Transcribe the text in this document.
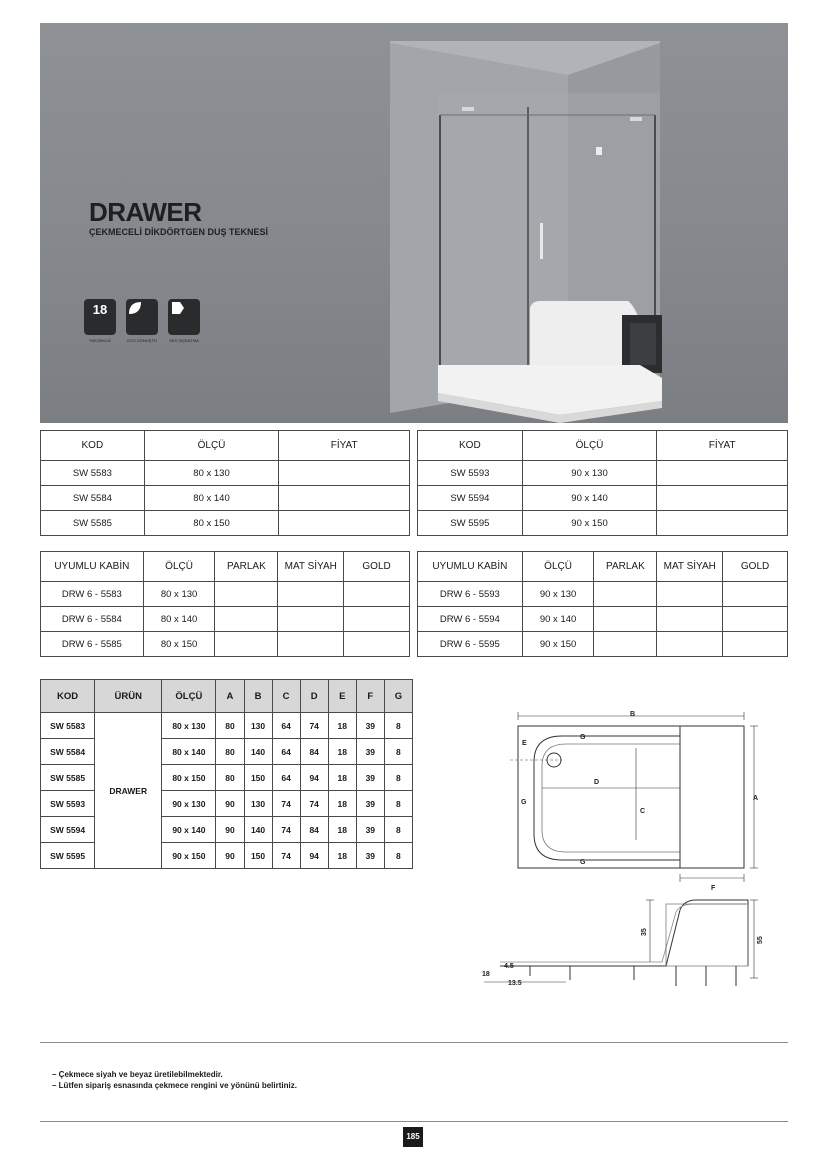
DRAWER
ÇEKMECELİ DİKDÖRTGEN DUŞ TEKNESİ
18
YÜKSEKLİK	ECO DÖNÜŞTÜ	SES SIÇRATMA
KOD	ÖLÇÜ	FİYAT
SW 5583	80 x 130	
SW 5584	80 x 140	
SW 5585	80 x 150	
KOD	ÖLÇÜ	FİYAT
SW 5593	90 x 130	
SW 5594	90 x 140	
SW 5595	90 x 150	
UYUMLU KABİN	ÖLÇÜ	PARLAK	MAT SİYAH	GOLD
DRW 6 - 5583	80 x 130			
DRW 6 - 5584	80 x 140			
DRW 6 - 5585	80 x 150			
UYUMLU KABİN	ÖLÇÜ	PARLAK	MAT SİYAH	GOLD
DRW 6 - 5593	90 x 130			
DRW 6 - 5594	90 x 140			
DRW 6 - 5595	90 x 150			
KOD	ÜRÜN	ÖLÇÜ	A	B	C	D	E	F	G
SW 5583	DRAWER	80 x 130	80	130	64	74	18	39	8
SW 5584		80 x 140	80	140	64	84	18	39	8
SW 5585		80 x 150	80	150	64	94	18	39	8
SW 5593		90 x 130	90	130	74	74	18	39	8
SW 5594		90 x 140	90	140	74	84	18	39	8
SW 5595		90 x 150	90	150	74	94	18	39	8
B
G
E
D
C
A
G
G
F
35
55
4.5
18
13.5
– Çekmece siyah ve beyaz üretilebilmektedir.
– Lütfen sipariş esnasında çekmece rengini ve yönünü belirtiniz.
185
